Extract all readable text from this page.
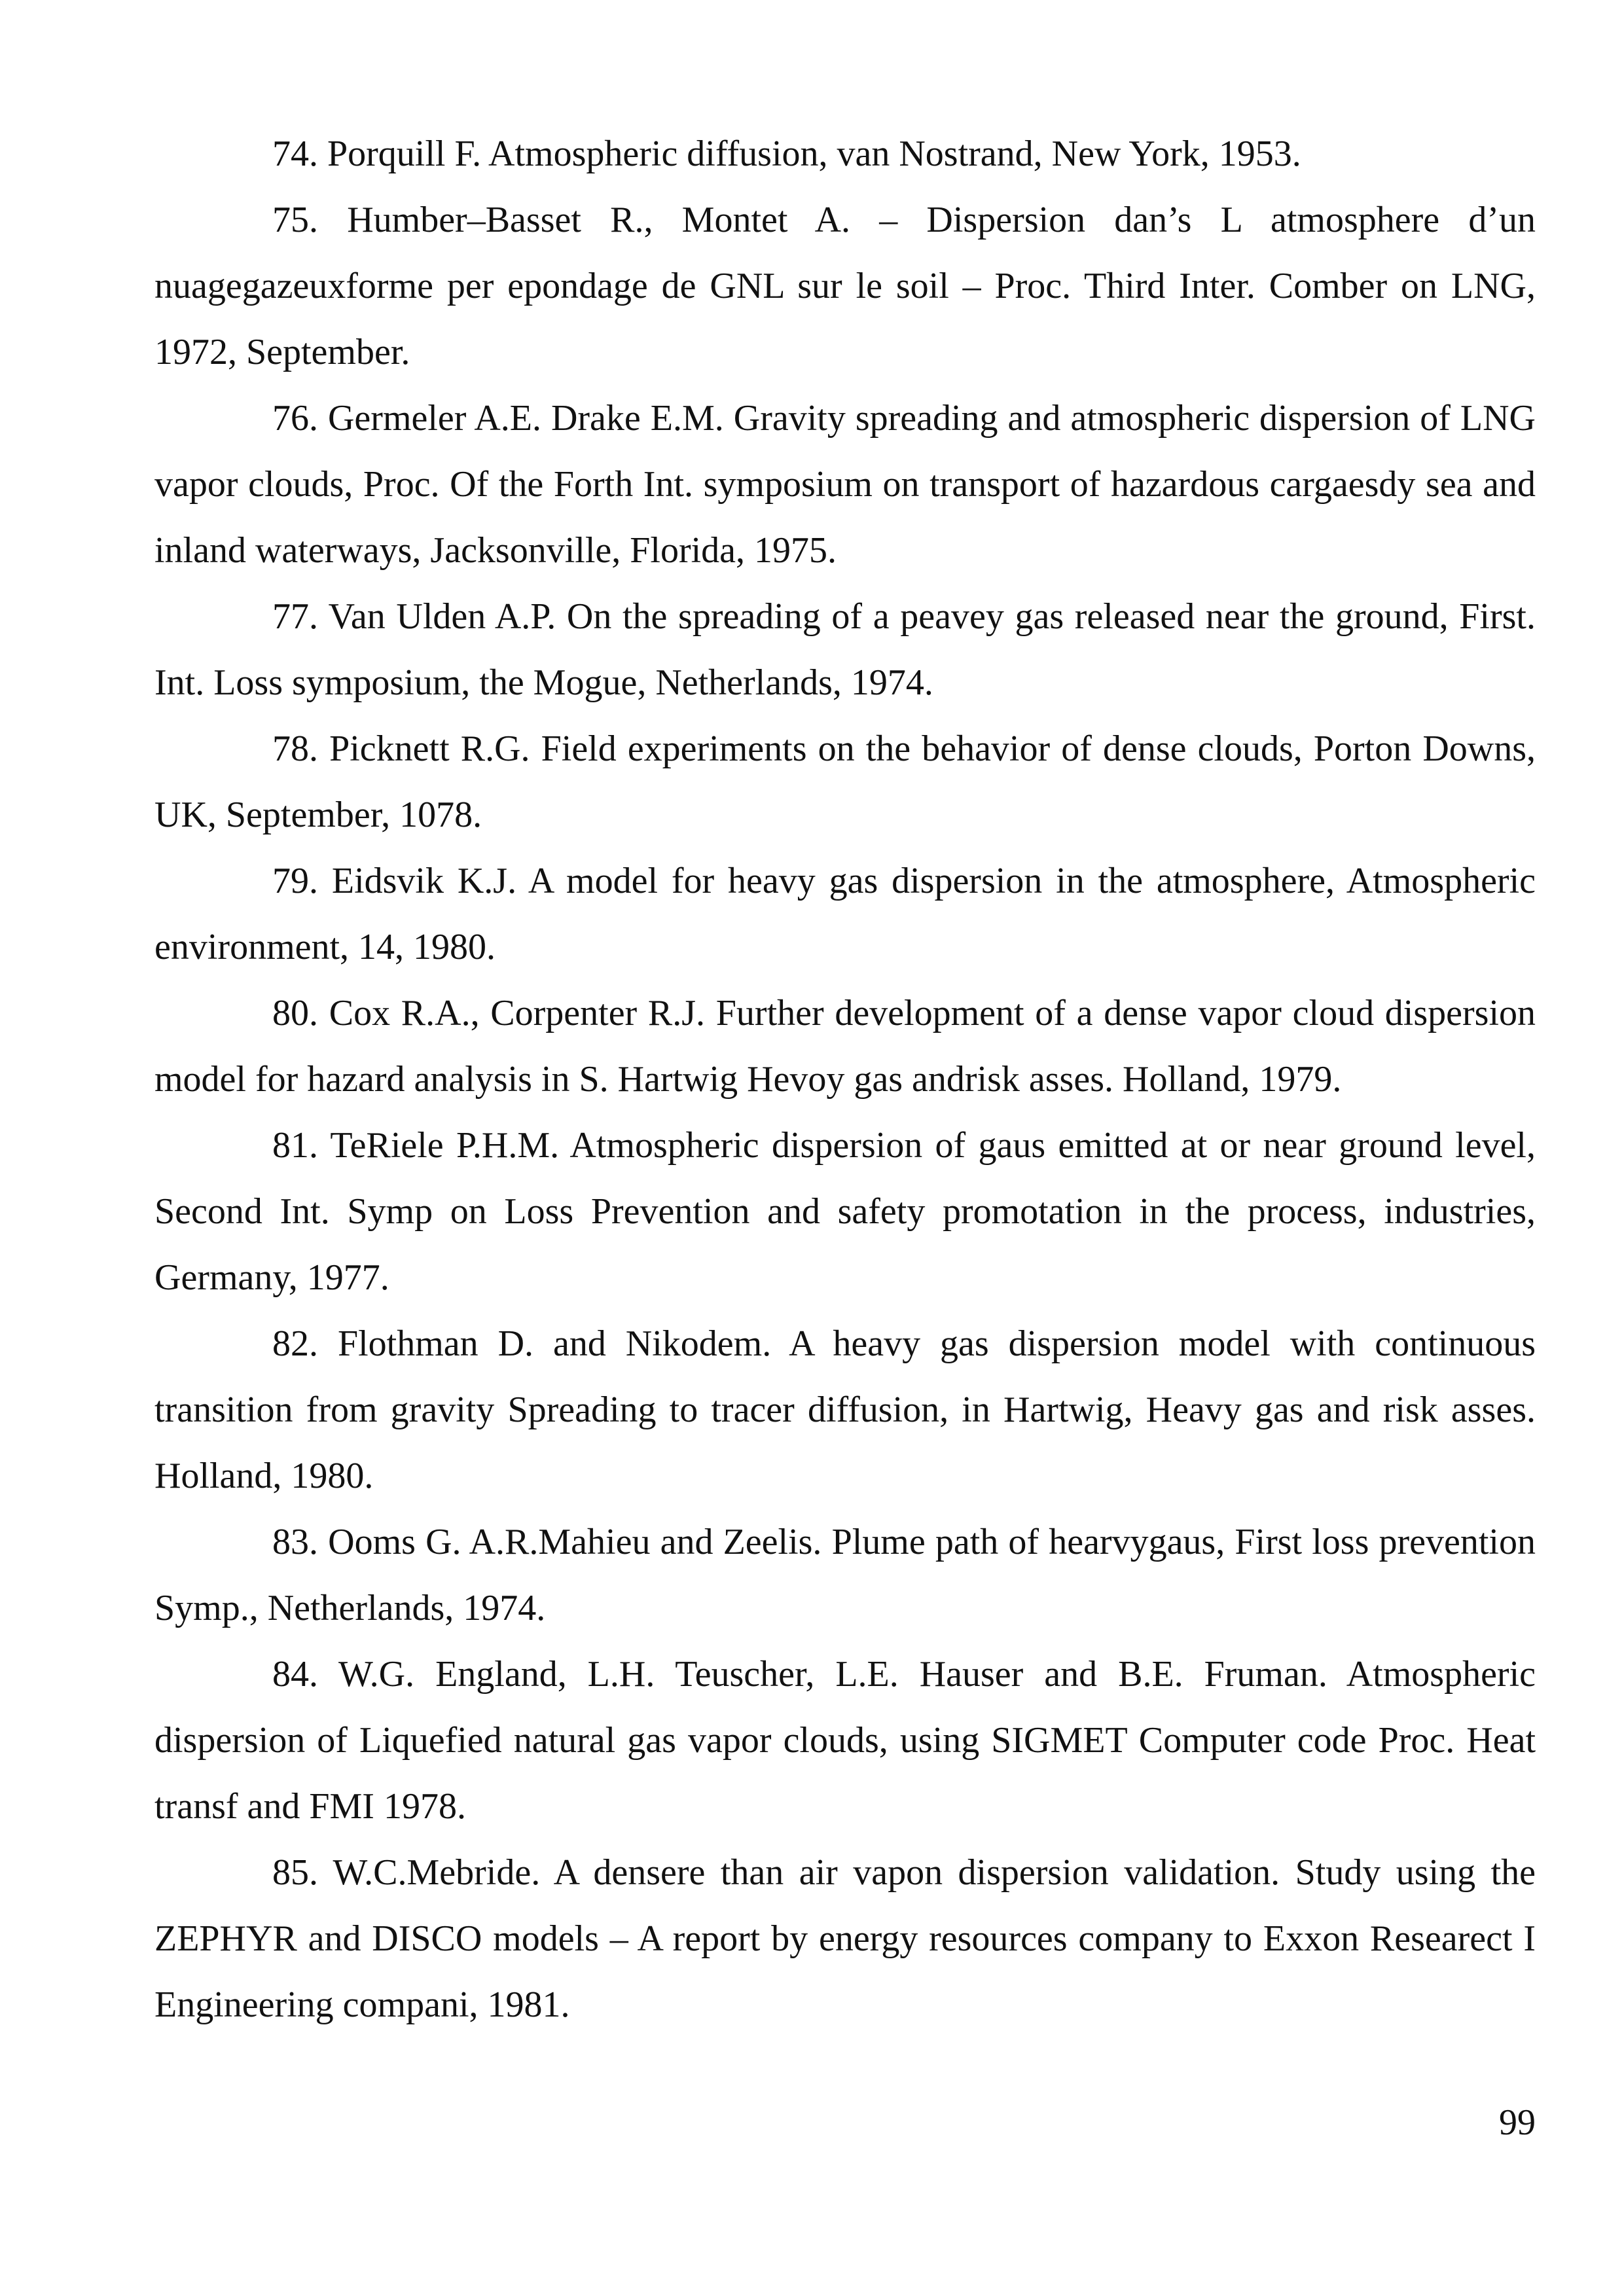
74. Porquill F. Atmospheric diffusion, van Nostrand, New York, 1953.

75. Humber–Basset R., Montet A. – Dispersion dan’s L atmosphere d’un nuagegazeuxforme per epondage de GNL sur le soil – Proc. Third Inter. Comber on LNG, 1972, September.

76. Germeler A.E. Drake E.M. Gravity spreading and atmospheric dispersion of LNG vapor clouds, Proc. Of the Forth Int. symposium on transport of hazardous cargaesdy sea and inland waterways, Jacksonville, Florida, 1975.

77. Van Ulden A.P. On the spreading of a peavey gas released near the ground, First. Int. Loss symposium, the Mogue, Netherlands, 1974.

78. Picknett R.G. Field experiments on the behavior of dense clouds, Porton Downs, UK, September, 1078.

79. Eidsvik K.J. A model for heavy gas dispersion in the atmosphere, Atmospheric environment, 14, 1980.

80. Cox R.A., Corpenter R.J. Further development of a dense vapor cloud dispersion model for hazard analysis in S. Hartwig Hevoy gas andrisk asses. Holland, 1979.

81. TeRiele P.H.M. Atmospheric dispersion of gaus emitted at or near ground level, Second Int. Symp on Loss Prevention and safety promotation in the process, industries, Germany, 1977.

82. Flothman D. and Nikodem. A heavy gas dispersion model with continuous transition from gravity Spreading to tracer diffusion, in Hartwig, Heavy gas and risk asses. Holland, 1980.

83. Ooms G. A.R.Mahieu and Zeelis. Plume path of hearvygaus, First loss prevention Symp., Netherlands, 1974.

84. W.G. England, L.H. Teuscher, L.E. Hauser and B.E. Fruman. Atmospheric dispersion of Liquefied natural gas vapor clouds, using SIGMET Computer code Proc. Heat transf and FMI 1978.

85. W.C.Mebride. A densere than air vapon dispersion validation. Study using the ZEPHYR and DISCO models – A report by energy resources company to Exxon Researect I Engineering compani, 1981.

99
